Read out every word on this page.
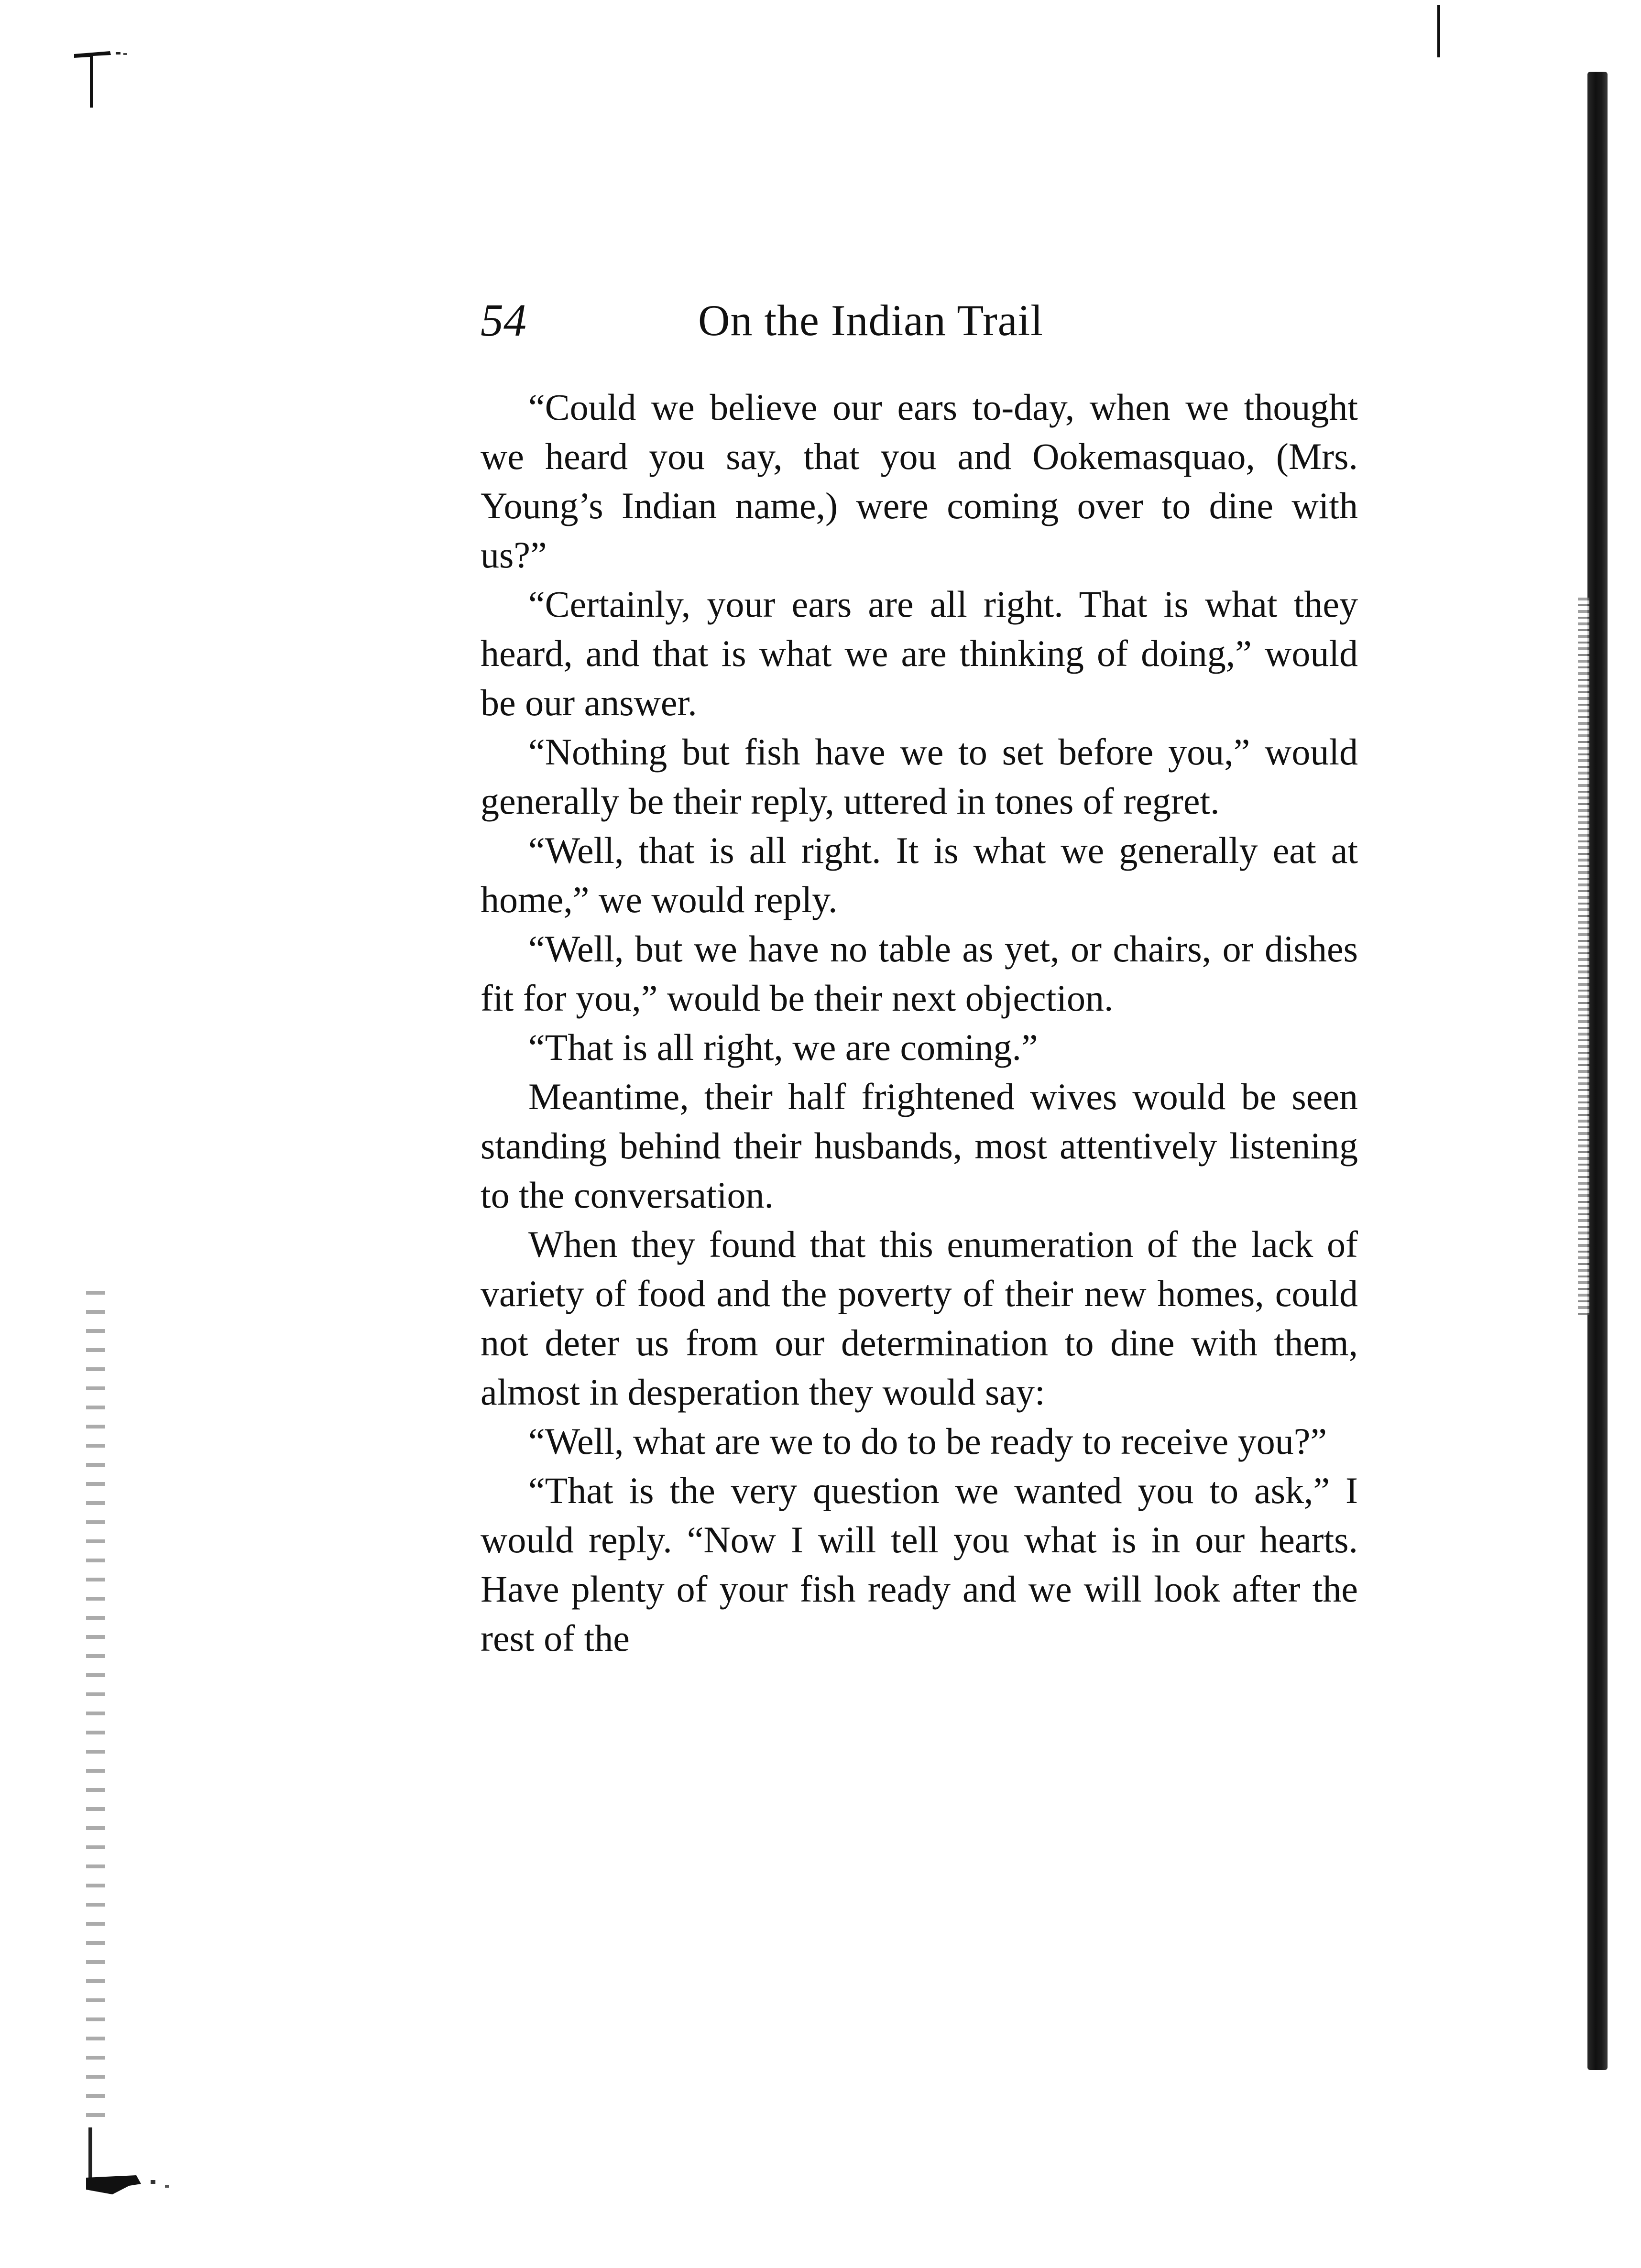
54	On the Indian Trail

“Could we believe our ears to-day, when we thought we heard you say, that you and Ookemasquao, (Mrs. Young’s Indian name,) were coming over to dine with us?”

“Certainly, your ears are all right. That is what they heard, and that is what we are thinking of doing,” would be our answer.

“Nothing but fish have we to set before you,” would generally be their reply, uttered in tones of regret.

“Well, that is all right. It is what we generally eat at home,” we would reply.

“Well, but we have no table as yet, or chairs, or dishes fit for you,” would be their next objection.

“That is all right, we are coming.”

Meantime, their half frightened wives would be seen standing behind their husbands, most attentively listening to the conversation.

When they found that this enumeration of the lack of variety of food and the poverty of their new homes, could not deter us from our determination to dine with them, almost in desperation they would say:

“Well, what are we to do to be ready to receive you?”

“That is the very question we wanted you to ask,” I would reply. “Now I will tell you what is in our hearts. Have plenty of your fish ready and we will look after the rest of the
